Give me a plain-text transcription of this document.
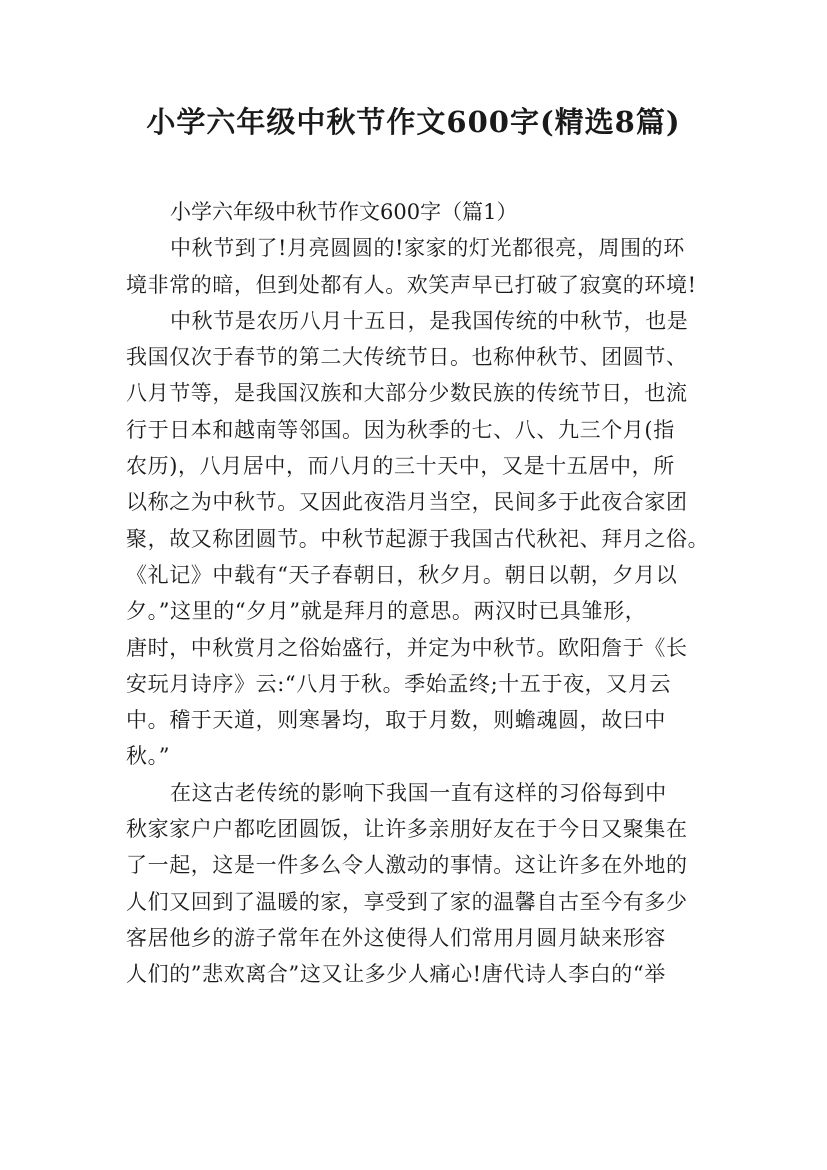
小学六年级中秋节作文600字(精选8篇)
小学六年级中秋节作文600字（篇1）
中秋节到了!月亮圆圆的!家家的灯光都很亮，周围的环
境非常的暗，但到处都有人。欢笑声早已打破了寂寞的环境!
中秋节是农历八月十五日，是我国传统的中秋节，也是
我国仅次于春节的第二大传统节日。也称仲秋节、团圆节、
八月节等，是我国汉族和大部分少数民族的传统节日，也流
行于日本和越南等邻国。因为秋季的七、八、九三个月(指
农历)，八月居中，而八月的三十天中，又是十五居中，所
以称之为中秋节。又因此夜浩月当空，民间多于此夜合家团
聚，故又称团圆节。中秋节起源于我国古代秋祀、拜月之俗。
《礼记》中载有“天子春朝日，秋夕月。朝日以朝，夕月以
夕。”这里的“夕月”就是拜月的意思。两汉时已具雏形，
唐时，中秋赏月之俗始盛行，并定为中秋节。欧阳詹于《长
安玩月诗序》云:“八月于秋。季始孟终;十五于夜，又月云
中。稽于天道，则寒暑均，取于月数，则蟾魂圆，故曰中
秋。”
在这古老传统的影响下我国一直有这样的习俗每到中
秋家家户户都吃团圆饭，让许多亲朋好友在于今日又聚集在
了一起，这是一件多么令人激动的事情。这让许多在外地的
人们又回到了温暖的家，享受到了家的温馨自古至今有多少
客居他乡的游子常年在外这使得人们常用月圆月缺来形容
人们的”悲欢离合”这又让多少人痛心!唐代诗人李白的“举
